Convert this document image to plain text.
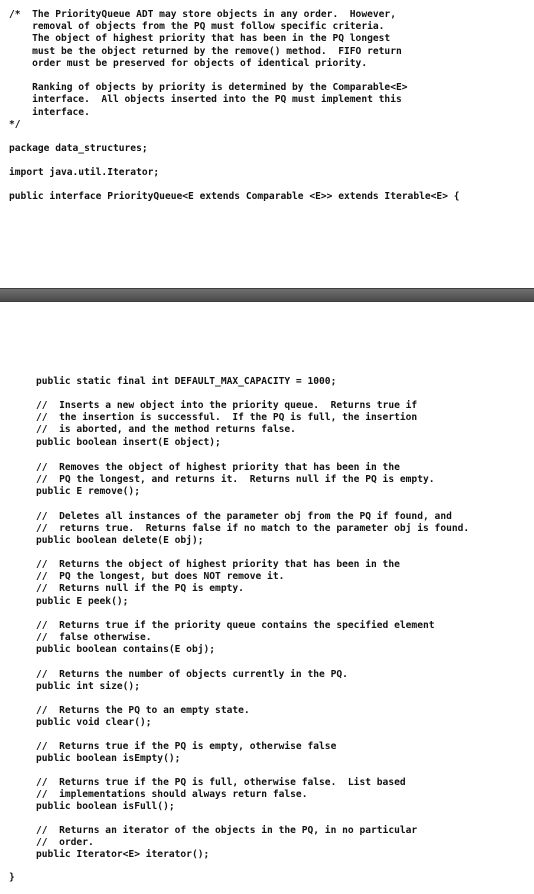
/*  The PriorityQueue ADT may store objects in any order.  However,
removal of objects from the PQ must follow specific criteria.
The object of highest priority that has been in the PQ longest
must be the object returned by the remove() method.  FIFO return
order must be preserved for objects of identical priority.

Ranking of objects by priority is determined by the Comparable<E>
interface.  All objects inserted into the PQ must implement this
interface.
*/
package data_structures;
import java.util.Iterator;
public interface PriorityQueue<E extends Comparable <E>> extends Iterable<E> {
public static final int DEFAULT_MAX_CAPACITY = 1000;
//  Inserts a new object into the priority queue.  Returns true if
//  the insertion is successful.  If the PQ is full, the insertion
//  is aborted, and the method returns false.
public boolean insert(E object);
//  Removes the object of highest priority that has been in the
//  PQ the longest, and returns it.  Returns null if the PQ is empty.
public E remove();
//  Deletes all instances of the parameter obj from the PQ if found, and
//  returns true.  Returns false if no match to the parameter obj is found.
public boolean delete(E obj);
//  Returns the object of highest priority that has been in the
//  PQ the longest, but does NOT remove it.
//  Returns null if the PQ is empty.
public E peek();
//  Returns true if the priority queue contains the specified element
//  false otherwise.
public boolean contains(E obj);
//  Returns the number of objects currently in the PQ.
public int size();
//  Returns the PQ to an empty state.
public void clear();
//  Returns true if the PQ is empty, otherwise false
public boolean isEmpty();
//  Returns true if the PQ is full, otherwise false.  List based
//  implementations should always return false.
public boolean isFull();
//  Returns an iterator of the objects in the PQ, in no particular
//  order.
public Iterator<E> iterator();
}
